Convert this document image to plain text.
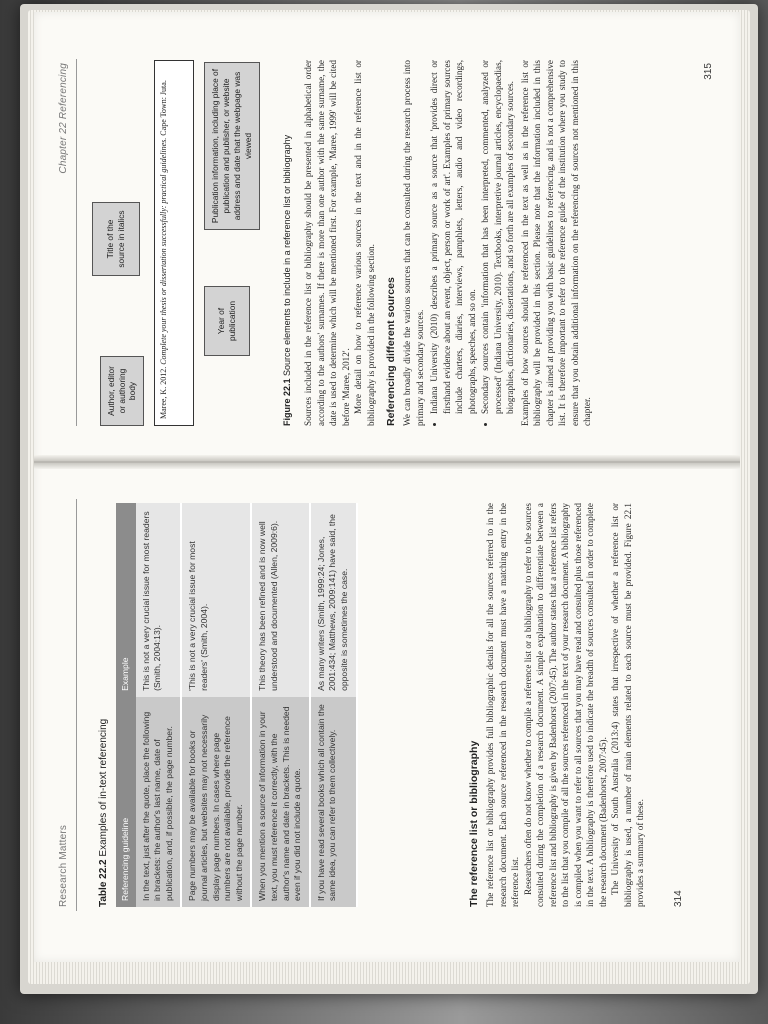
Research Matters	Table 22.2 Examples of in-text referencing
Referencing guideline	Example
In the text, just after the quote, place the following in brackets: the author's last name, date of publication, and, if possible, the page number.	This is not a very crucial issue for most readers (Smith, 2004:13).
Page numbers may be available for books or journal articles, but websites may not necessarily display page numbers. In cases where page numbers are not available, provide the reference without the page number.	'This is not a very crucial issue for most readers' (Smith, 2004).
When you mention a source of information in your text, you must reference it correctly, with the author's name and date in brackets. This is needed even if you did not include a quote.	This theory has been refined and is now well understood and documented (Allen, 2009:6).
If you have read several books which all contain the same idea, you can refer to them collectively.	As many writers (Smith, 1999:24; Jones, 2001:434; Matthews, 2009:141) have said, the opposite is sometimes the case.
The reference list or bibliography The reference list or bibliography provides full bibliographic details for all the sources referred to in the research document. Each source referenced in the research document must have a matching entry in the reference list. Researchers often do not know whether to compile a reference list or a bibliography to refer to the sources consulted during the completion of a research document. A simple explanation to differentiate between a reference list and bibliography is given by Badenhorst (2007:45). The author states that a reference list refers to the list that you compile of all the sources referenced in the text of your research document. A bibliography is compiled when you want to refer to all sources that you may have read and consulted plus those referenced in the text. A bibliography is therefore used to indicate the breadth of sources consulted in order to complete the research document (Badenhorst, 2007:45). The University of South Australia (2013:4) states that irrespective of whether a reference list or bibliography is used, a number of main elements related to each source must be provided. Figure 22.1 provides a summary of these.	314
Chapter 22 Referencing
Author, editor or authoring body
Title of the source in italics
Maree, K. 2012. Complete your thesis or dissertation successfully: practical guidelines. Cape Town: Juta.
Year of publication
Publication information, including place of publication and publisher, or website address and date that the webpage was viewed
Figure 22.1 Source elements to include in a reference list or bibliography Sources included in the reference list or bibliography should be presented in alphabetical order according to the authors' surnames. If there is more than one author with the same surname, the date is used to determine which will be mentioned first. For example, 'Maree, 1999' will be cited before 'Maree, 2012'. More detail on how to reference various sources in the text and in the reference list or bibliography is provided in the following section. Referencing different sources We can broadly divide the various sources that can be consulted during the research process into primary and secondary sources. • Indiana University (2010) describes a primary source as a source that 'provides direct or firsthand evidence about an event, object, person or work of art'. Examples of primary sources include charters, diaries, interviews, pamphlets, letters, audio and video recordings, photographs, speeches, and so on. • Secondary sources contain 'information that has been interpreted, commented, analyzed or processed' (Indiana University, 2010). Textbooks, interpretive journal articles, encyclopaedias, biographies, dictionaries, dissertations, and so forth are all examples of secondary sources. Examples of how sources should be referenced in the text as well as in the reference list or bibliography will be provided in this section. Please note that the information included in this chapter is aimed at providing you with basic guidelines to referencing, and is not a comprehensive list. It is therefore important to refer to the reference guide of the institution where you study to ensure that you obtain additional information on the referencing of sources not mentioned in this chapter.

315
